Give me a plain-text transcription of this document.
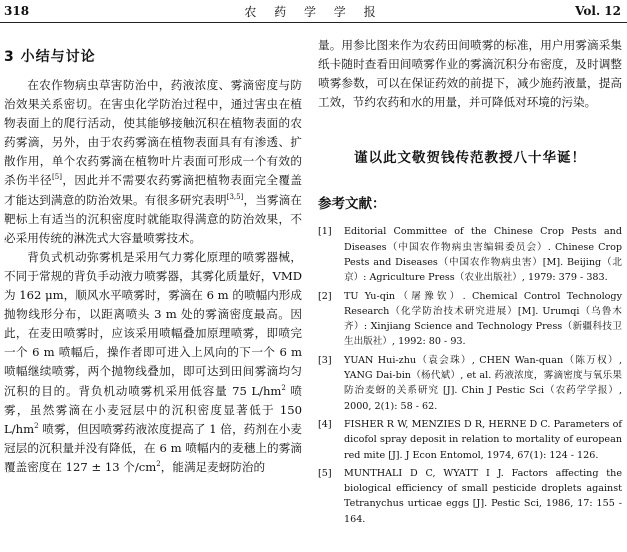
318	农 药 学 学 报	Vol. 12
3 小结与讨论

在农作物病虫草害防治中，药液浓度、雾滴密度与防治效果关系密切。在害虫化学防治过程中，通过害虫在植物表面上的爬行活动，使其能够接触沉积在植物表面的农药雾滴，另外，由于农药雾滴在植物表面具有有渗透、扩散作用，单个农药雾滴在植物叶片表面可形成一个有效的杀伤半径[5]，因此并不需要农药雾滴把植物表面完全覆盖才能达到满意的防治效果。有很多研究表明[3,5]，当雾滴在靶标上有适当的沉积密度时就能取得满意的防治效果，不必采用传统的淋洗式大容量喷雾技术。

背负式机动弥雾机是采用气力雾化原理的喷雾器械，不同于常规的背负手动液力喷雾器，其雾化质量好，VMD 为 162 μm，顺风水平喷雾时，雾滴在 6 m 的喷幅内形成抛物线形分布，以距离喷头 3 m 处的雾滴密度最高。因此，在麦田喷雾时，应该采用喷幅叠加原理喷雾，即喷完一个 6 m 喷幅后，操作者即可进入上风向的下一个 6 m 喷幅继续喷雾，两个抛物线叠加，即可达到田间雾滴均匀沉积的目的。背负机动喷雾机采用低容量 75 $L/hm^2$ 喷雾，虽然雾滴在小麦冠层中的沉积密度显著低于 150 $L/hm^2$ 喷雾，但因喷雾药液浓度提高了 1 倍，药剂在小麦冠层的沉积量并没有降低，在 6 m 喷幅内的麦穗上的雾滴覆盖密度在 127 ± 13 个$/cm^2$，能满足麦蚜防治的

量。用参比图来作为农药田间喷雾的标准，用户用雾滴采集纸卡随时查看田间喷雾作业的雾滴沉积分布密度，及时调整喷雾参数，可以在保证药效的前提下，减少施药液量，提高工效，节约农药和水的用量，并可降低对环境的污染。

谨以此文敬贺钱传范教授八十华诞！
参考文献：
[1]	Editorial Committee of the Chinese Crop Pests and Diseases（中国农作物病虫害编辑委员会）. Chinese Crop Pests and Diseases（中国农作物病虫害）[M]. Beijing（北京）: Agriculture Press（农业出版社）, 1979: 379 - 383.
[2]	TU Yu-qin（屠豫钦）. Chemical Control Technology Research（化学防治技术研究进展）[M]. Urumqi（乌鲁木齐）: Xinjiang Science and Technology Press（新疆科技卫生出版社）, 1992: 80 - 93.
[3]	YUAN Hui-zhu（袁会珠）, CHEN Wan-quan（陈万权）, YANG Dai-bin（杨代斌）, et al. 药液浓度，雾滴密度与氧乐果防治麦蚜的关系研究 [J]. Chin J Pestic Sci（农药学学报）, 2000, 2(1): 58 - 62.
[4]	FISHER R W, MENZIES D R, HERNE D C. Parameters of dicofol spray deposit in relation to mortality of european red mite [J]. J Econ Entomol, 1974, 67(1): 124 - 126.
[5]	MUNTHALI D C, WYATT I J. Factors affecting the biological efficiency of small pesticide droplets against Tetranychus urticae eggs [J]. Pestic Sci, 1986, 17: 155 - 164.
